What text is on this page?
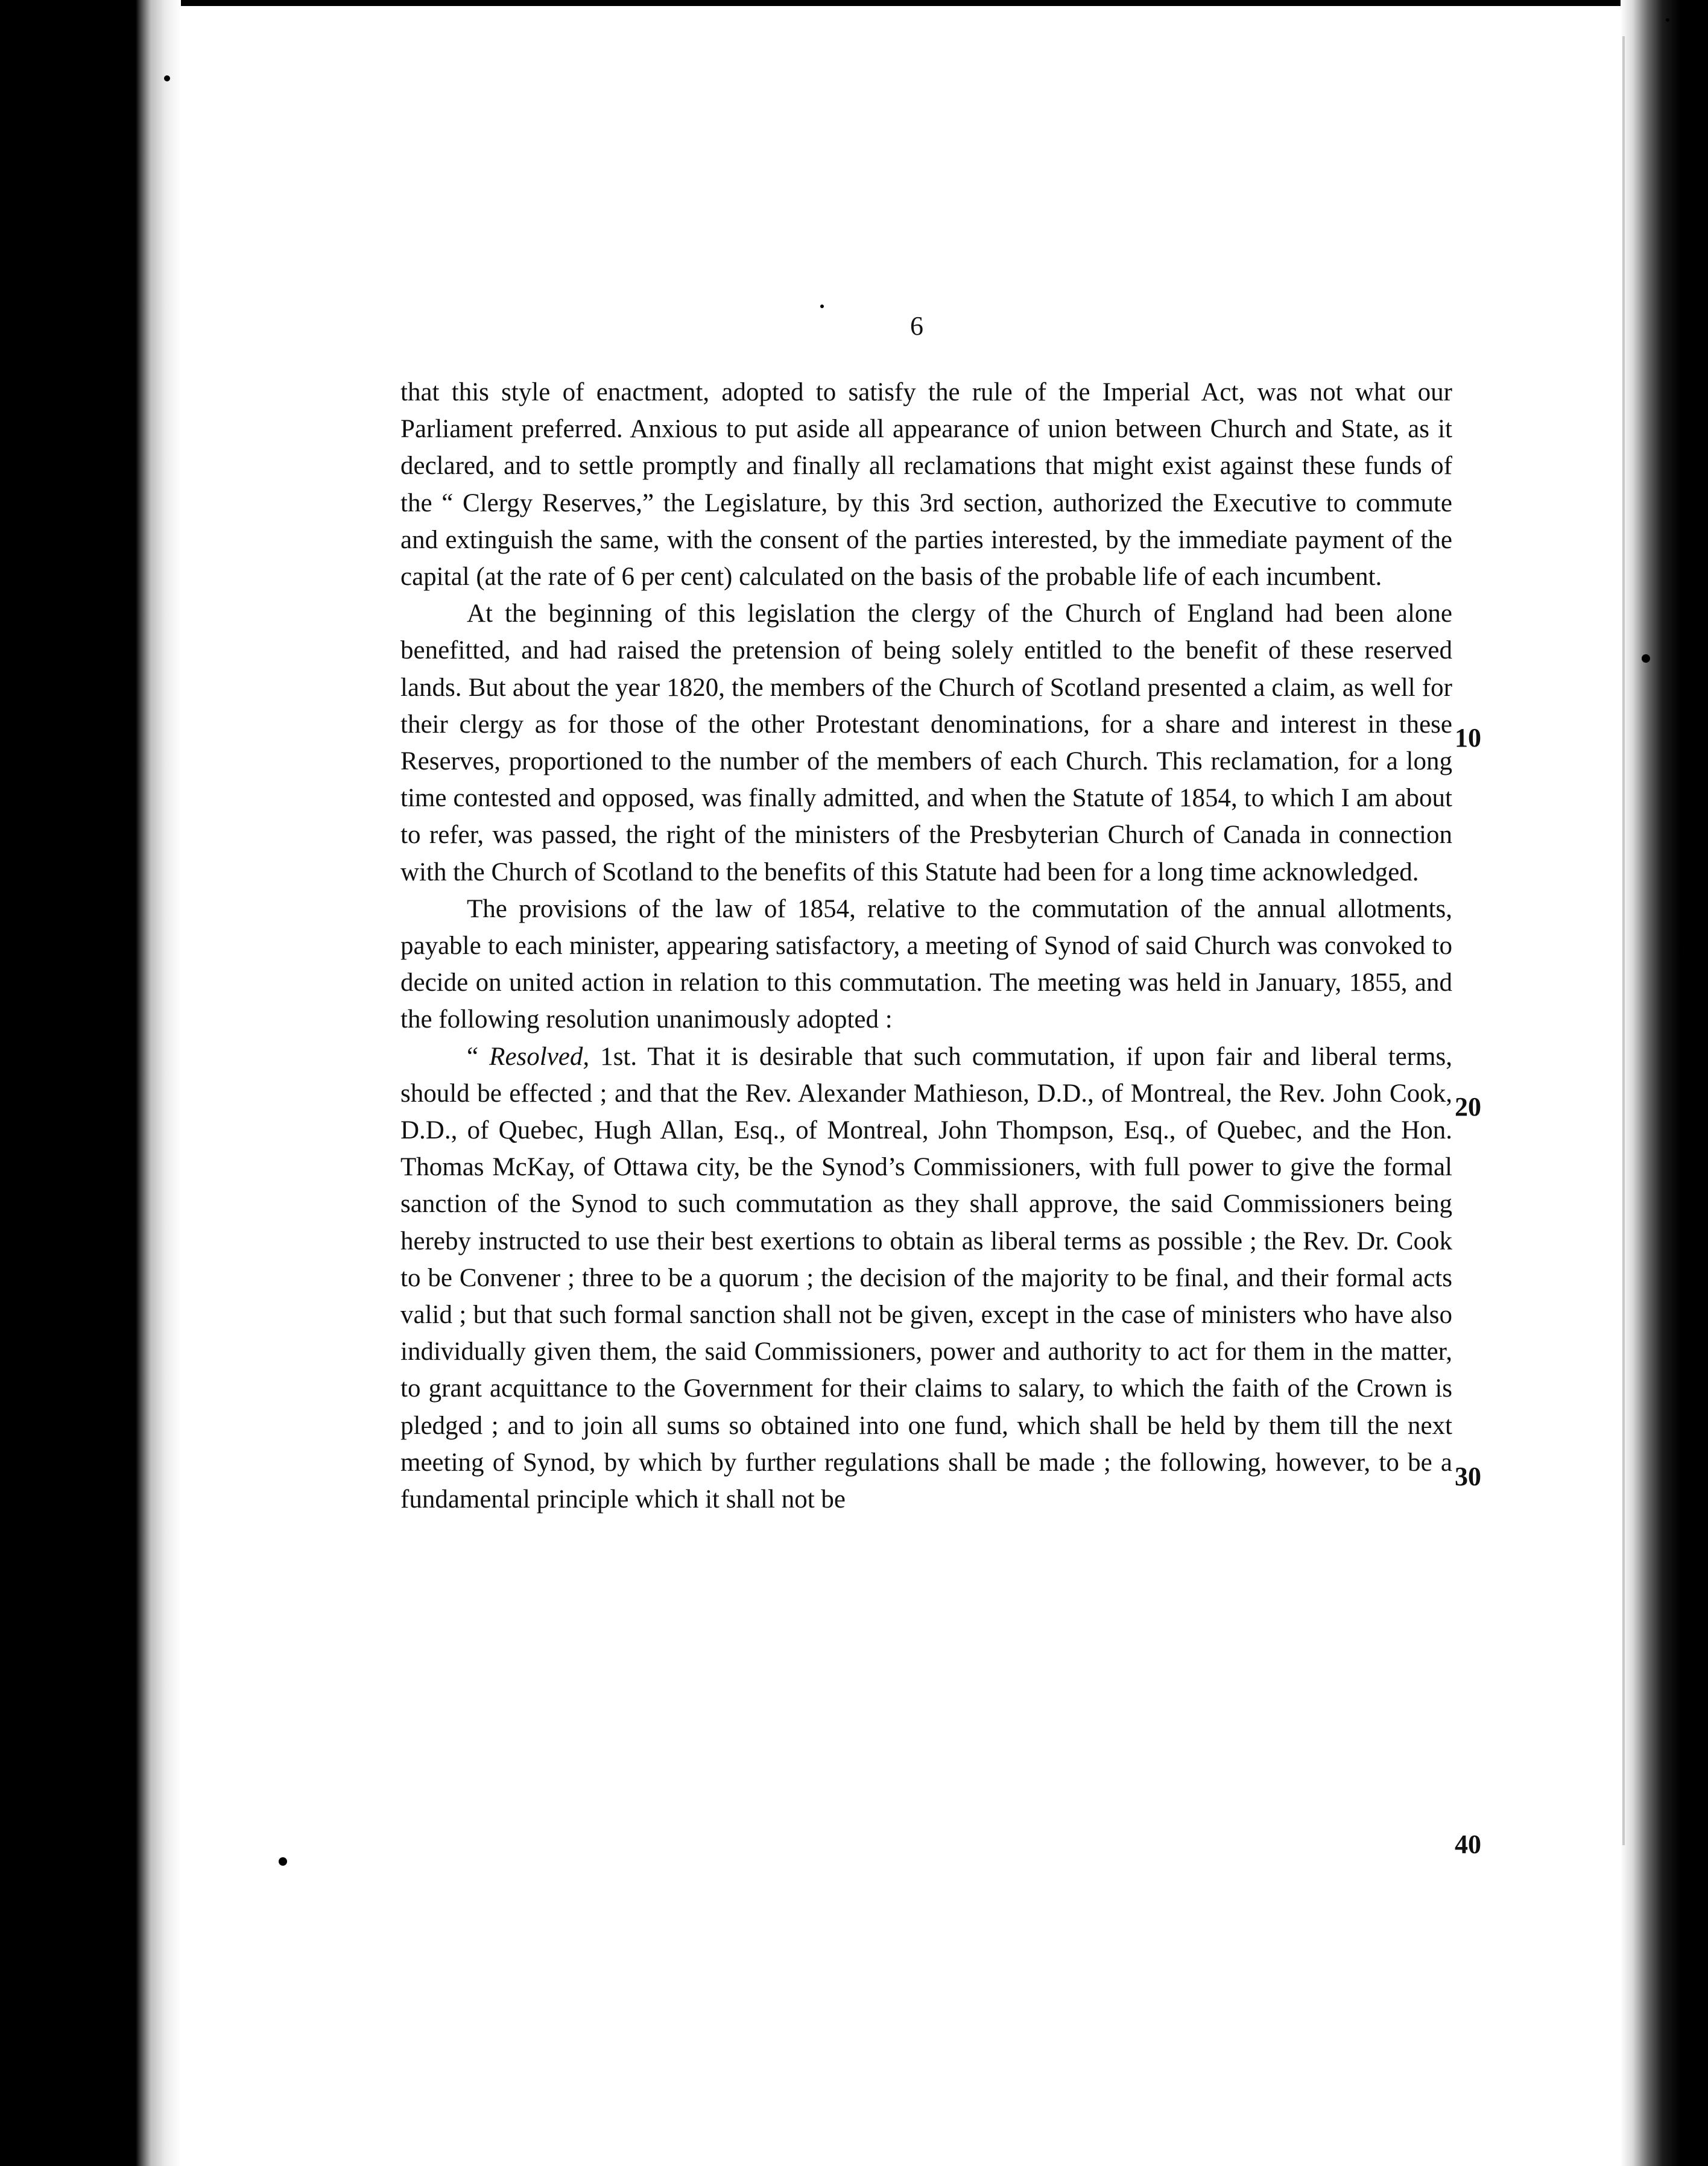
6

that this style of enactment, adopted to satisfy the rule of the Imperial Act, was not what our Parliament preferred. Anxious to put aside all appearance of union between Church and State, as it declared, and to settle promptly and finally all reclamations that might exist against these funds of the “ Clergy Reserves,” the Legislature, by this 3rd section, authorized the Executive to commute and extinguish the same, with the consent of the parties interested, by the immediate payment of the capital (at the rate of 6 per cent) calculated on the basis of the probable life of each incumbent.

At the beginning of this legislation the clergy of the Church of England had been alone benefitted, and had raised the pretension of being solely entitled to the benefit of these reserved lands. But about the year 1820, the members of the Church of Scotland presented a claim, as well for their clergy as for those of the other Protestant denominations, for a share and interest in these Reserves, proportioned to the number of the members of each Church. This reclamation, for a long time contested and opposed, was finally admitted, and when the Statute of 1854, to which I am about to refer, was passed, the right of the ministers of the Presbyterian Church of Canada in connection with the Church of Scotland to the benefits of this Statute had been for a long time acknowledged.

The provisions of the law of 1854, relative to the commutation of the annual allotments, payable to each minister, appearing satisfactory, a meeting of Synod of said Church was convoked to decide on united action in relation to this commutation. The meeting was held in January, 1855, and the following resolution unanimously adopted :

“ Resolved, 1st. That it is desirable that such commutation, if upon fair and liberal terms, should be effected ; and that the Rev. Alexander Mathieson, D.D., of Montreal, the Rev. John Cook, D.D., of Quebec, Hugh Allan, Esq., of Montreal, John Thompson, Esq., of Quebec, and the Hon. Thomas McKay, of Ottawa city, be the Synod’s Commissioners, with full power to give the formal sanction of the Synod to such commutation as they shall approve, the said Commissioners being hereby instructed to use their best exertions to obtain as liberal terms as possible ; the Rev. Dr. Cook to be Convener ; three to be a quorum ; the decision of the majority to be final, and their formal acts valid ; but that such formal sanction shall not be given, except in the case of ministers who have also individually given them, the said Commissioners, power and authority to act for them in the matter, to grant acquittance to the Government for their claims to salary, to which the faith of the Crown is pledged ; and to join all sums so obtained into one fund, which shall be held by them till the next meeting of Synod, by which by further regulations shall be made ; the following, however, to be a fundamental principle which it shall not be

10
20
30
40
